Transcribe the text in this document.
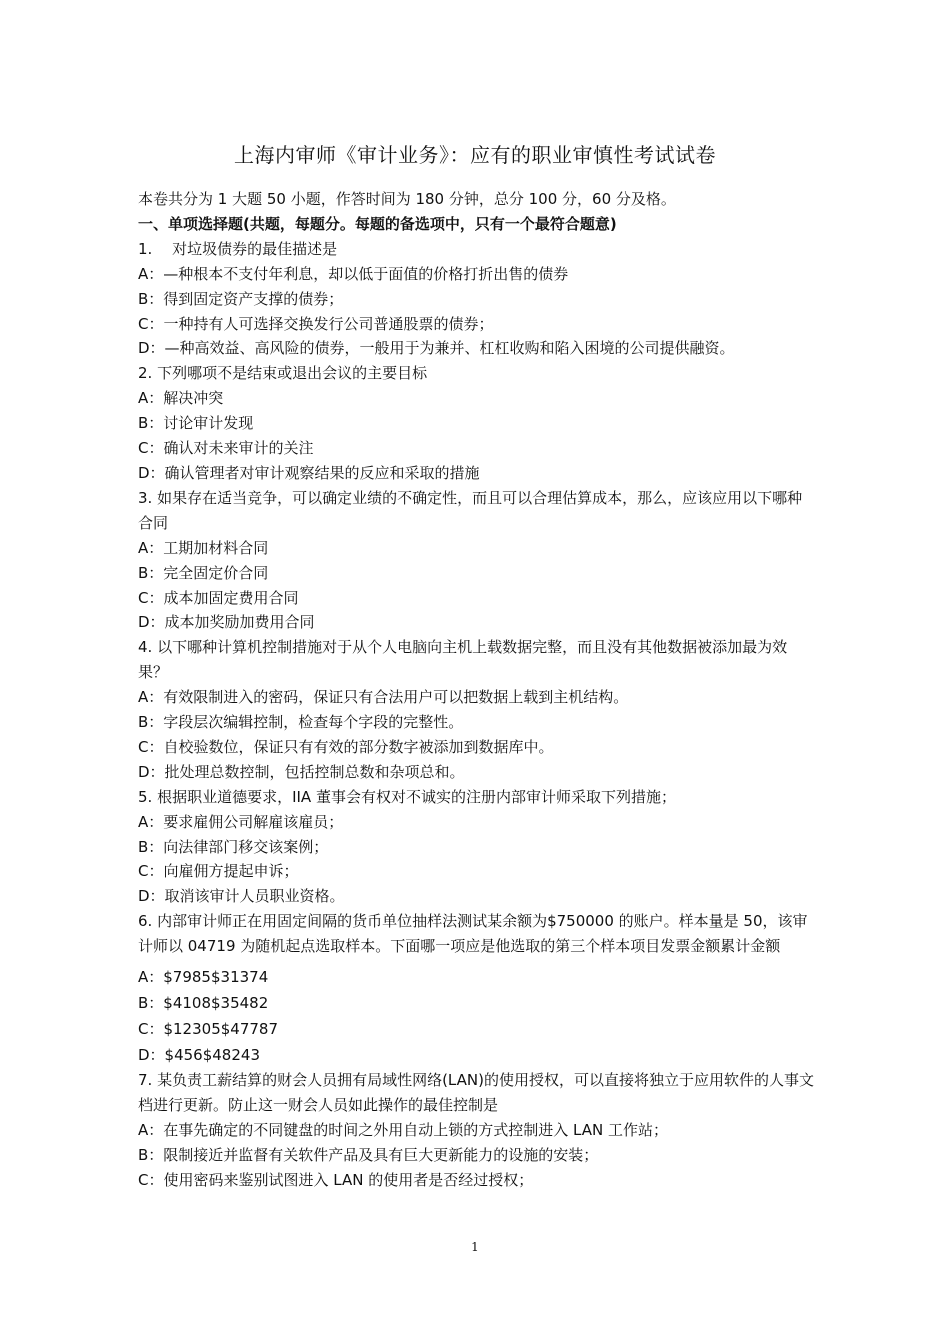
上海内审师《审计业务》：应有的职业审慎性考试试卷

本卷共分为 1 大题 50 小题，作答时间为 180 分钟，总分 100 分，60 分及格。

一、单项选择题(共题，每题分。每题的备选项中，只有一个最符合题意)

1.　 对垃圾债券的最佳描述是

A：—种根本不支付年利息，却以低于面值的价格打折出售的债券

B：得到固定资产支撑的债券；

C：一种持有人可选择交换发行公司普通股票的债券；

D：—种高效益、高风险的债券，一般用于为兼并、杠杠收购和陷入困境的公司提供融资。

2. 下列哪项不是结束或退出会议的主要目标

A：解决冲突

B：讨论审计发现

C：确认对未来审计的关注

D：确认管理者对审计观察结果的反应和采取的措施

3. 如果存在适当竞争，可以确定业绩的不确定性，而且可以合理估算成本，那么，应该应用以下哪种合同

A：工期加材料合同

B：完全固定价合同

C：成本加固定费用合同

D：成本加奖励加费用合同

4. 以下哪种计算机控制措施对于从个人电脑向主机上载数据完整，而且没有其他数据被添加最为效果？

A：有效限制进入的密码，保证只有合法用户可以把数据上载到主机结构。

B：字段层次编辑控制，检查每个字段的完整性。

C：自校验数位，保证只有有效的部分数字被添加到数据库中。

D：批处理总数控制，包括控制总数和杂项总和。

5. 根据职业道德要求，IIA 董事会有权对不诚实的注册内部审计师采取下列措施；

A：要求雇佣公司解雇该雇员；

B：向法律部门移交该案例；

C：向雇佣方提起申诉；

D：取消该审计人员职业资格。

6. 内部审计师正在用固定间隔的货币单位抽样法测试某余额为$750000 的账户。样本量是 50，该审计师以 04719 为随机起点选取样本。下面哪一项应是他选取的第三个样本项目发票金额累计金额

A：$7985$31374

B：$4108$35482

C：$12305$47787

D：$456$48243

7. 某负责工薪结算的财会人员拥有局域性网络(LAN)的使用授权，可以直接将独立于应用软件的人事文档进行更新。防止这一财会人员如此操作的最佳控制是

A：在事先确定的不同键盘的时间之外用自动上锁的方式控制进入 LAN 工作站；

B：限制接近并监督有关软件产品及具有巨大更新能力的设施的安装；

C：使用密码来鉴别试图进入 LAN 的使用者是否经过授权；

1
